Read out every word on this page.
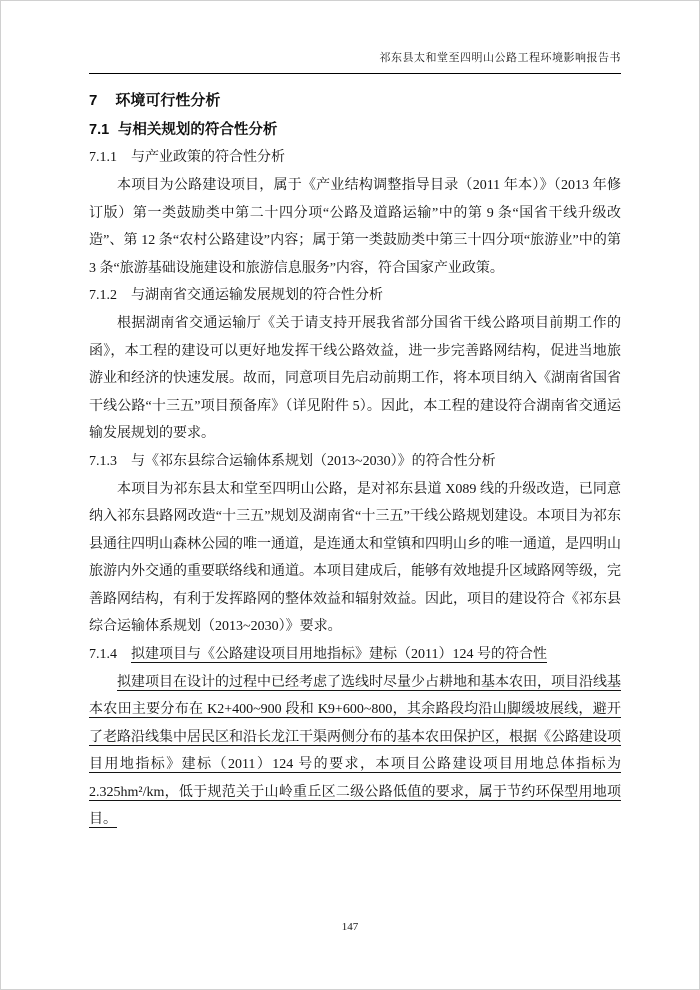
祁东县太和堂至四明山公路工程环境影响报告书
7 环境可行性分析
7.1 与相关规划的符合性分析
7.1.1 与产业政策的符合性分析

本项目为公路建设项目，属于《产业结构调整指导目录（2011 年本）》（2013 年修订版）第一类鼓励类中第二十四分项“公路及道路运输”中的第 9 条“国省干线升级改造”、第 12 条“农村公路建设”内容；属于第一类鼓励类中第三十四分项“旅游业”中的第 3 条“旅游基础设施建设和旅游信息服务”内容，符合国家产业政策。

7.1.2 与湖南省交通运输发展规划的符合性分析

根据湖南省交通运输厅《关于请支持开展我省部分国省干线公路项目前期工作的函》，本工程的建设可以更好地发挥干线公路效益，进一步完善路网结构，促进当地旅游业和经济的快速发展。故而，同意项目先启动前期工作，将本项目纳入《湖南省国省干线公路“十三五”项目预备库》（详见附件 5）。因此，本工程的建设符合湖南省交通运输发展规划的要求。

7.1.3 与《祁东县综合运输体系规划（2013~2030）》的符合性分析

本项目为祁东县太和堂至四明山公路，是对祁东县道 X089 线的升级改造，已同意纳入祁东县路网改造“十三五”规划及湖南省“十三五”干线公路规划建设。本项目为祁东县通往四明山森林公园的唯一通道，是连通太和堂镇和四明山乡的唯一通道，是四明山旅游内外交通的重要联络线和通道。本项目建成后，能够有效地提升区域路网等级，完善路网结构，有利于发挥路网的整体效益和辐射效益。因此，项目的建设符合《祁东县综合运输体系规划（2013~2030）》要求。

7.1.4 拟建项目与《公路建设项目用地指标》建标（2011）124 号的符合性

拟建项目在设计的过程中已经考虑了选线时尽量少占耕地和基本农田，项目沿线基本农田主要分布在 K2+400~900 段和 K9+600~800，其余路段均沿山脚缓坡展线，避开了老路沿线集中居民区和沿长龙江干渠两侧分布的基本农田保护区，根据《公路建设项目用地指标》建标（2011）124 号的要求，本项目公路建设项目用地总体指标为 2.325hm²/km，低于规范关于山岭重丘区二级公路低值的要求，属于节约环保型用地项目。

147
